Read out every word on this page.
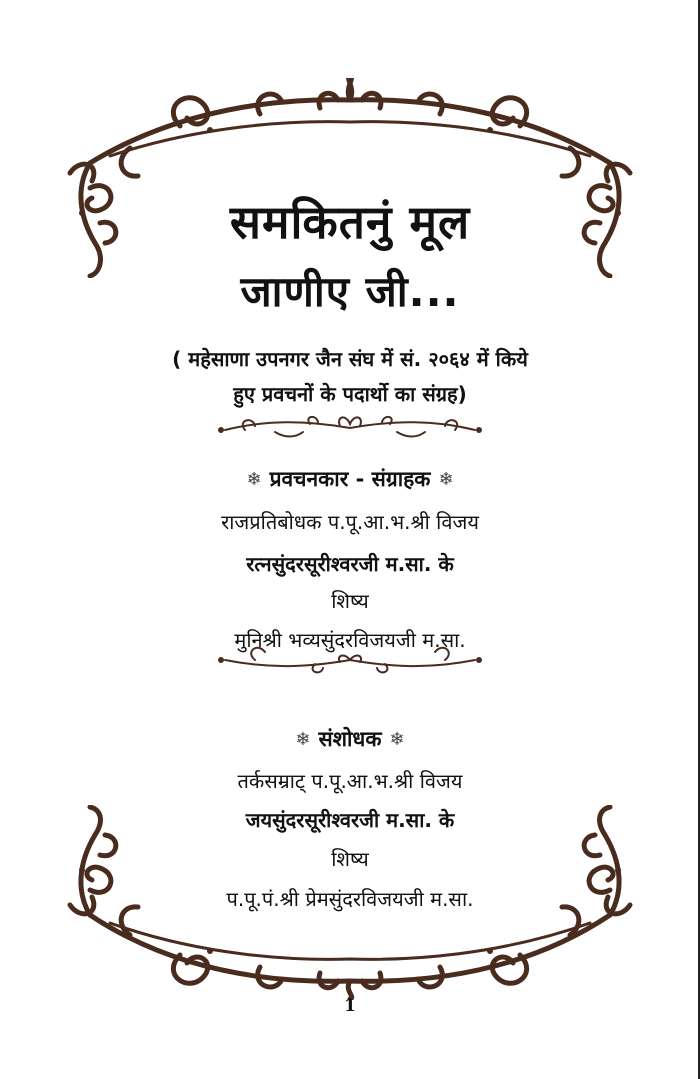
समकितनुं मूल
जाणीए जी...
( महेसाणा उपनगर जैन संघ में सं. २०६४ में किये
हुए प्रवचनों के पदार्थो का संग्रह)
❄ प्रवचनकार - संग्राहक ❄
राजप्रतिबोधक प.पू.आ.भ.श्री विजय
रत्नसुंदरसूरीश्वरजी म.सा. के
शिष्य
मुनिश्री भव्यसुंदरविजयजी म.सा.
❄ संशोधक ❄
तर्कसम्राट् प.पू.आ.भ.श्री विजय
जयसुंदरसूरीश्वरजी म.सा. के
शिष्य
प.पू.पं.श्री प्रेमसुंदरविजयजी म.सा.
1
